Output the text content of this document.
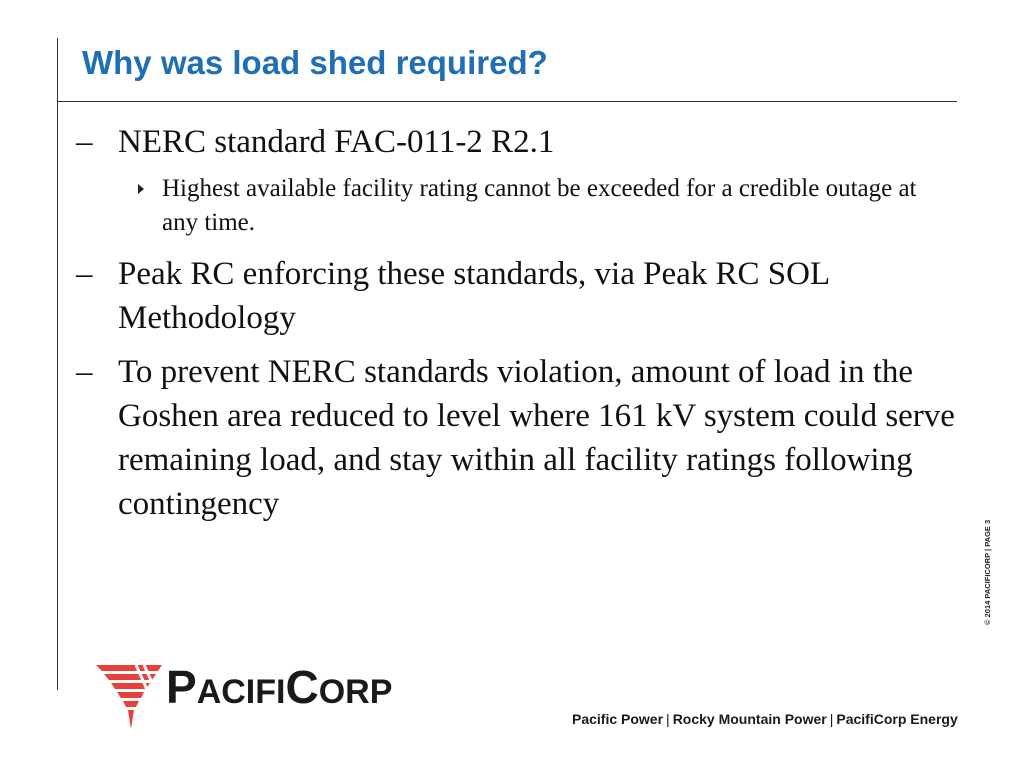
Why was load shed required?
– NERC standard FAC-011-2 R2.1
Highest available facility rating cannot be exceeded for a credible outage at any time.
– Peak RC enforcing these standards, via Peak RC SOL Methodology
– To prevent NERC standards violation, amount of load in the Goshen area reduced to level where 161 kV system could serve remaining load, and stay within all facility ratings following contingency
© 2014 PACIFICORP | PAGE 3
PACIFICORP
Pacific Power | Rocky Mountain Power | PacifiCorp Energy
